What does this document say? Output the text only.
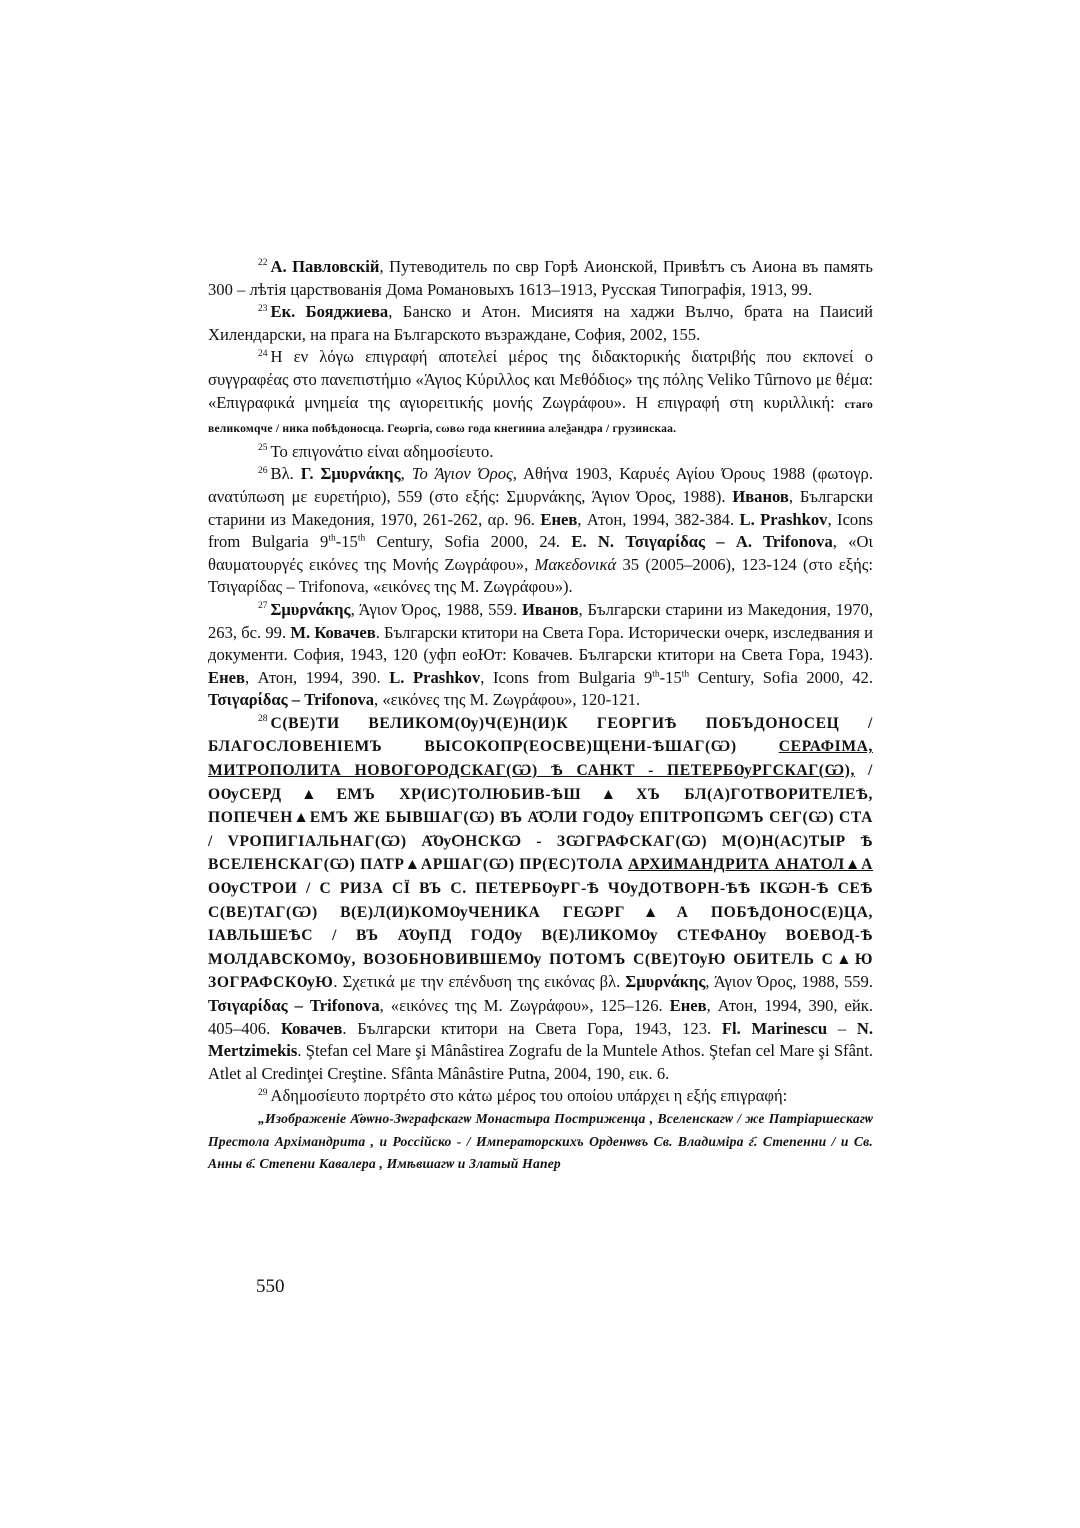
$^{22}$ А. Павловскiй, Путеводитель по свр Горѣ Аионской, Привѣтъ съ Аиона въ память 300 – лѣтiя царствованiя Дома Романовыхъ 1613–1913, Русская Типографiя, 1913, 99.

$^{23}$ Ек. Бояджиева, Банско и Атон. Мисиятя на хаджи Вълчо, брата на Паисий Хилендарски, на прага на Българското възраждане, София, 2002, 155.

$^{24}$ Η εν λόγω επιγραφή αποτελεί μέρος της διδακτορικής διατριβής που εκπονεί ο συγγραφέας στο πανεπιστήμιο «Άγιος Κύριλλος και Μεθόδιος» της πόλης Veliko Tûrnovo με θέμα: «Επιγραφικά μνημεία της αγιορειτικής μονής Ζωγράφου». Η επιγραφή στη κυριλλική: стаго великомqче / ника побѣдоносца. Геωргiа, сωвω года кнегиниа алеѯандра / грузинскаа.

$^{25}$ Το επιγονάτιο είναι αδημοσίευτο.

$^{26}$ Βλ. Γ. Σμυρνάκης, Το Άγιον Όρος, Αθήνα 1903, Καρυές Αγίου Όρους 1988 (φωτογρ. ανατύπωση με ευρετήριο), 559 (στο εξής: Σμυρνάκης, Άγιον Όρος, 1988). Иванов, Български старини из Македония, 1970, 261-262, αρ. 96. Енев, Атон, 1994, 382-384. L. Prashkov, Icons from Bulgaria 9th-15th Century, Sofia 2000, 24. E. N. Τσιγαρίδας – A. Trifonova, «Οι θαυματουργές εικόνες της Μονής Ζωγράφου», Μακεδονικά 35 (2005–2006), 123-124 (στο εξής: Τσιγαρίδας – Trifonova, «εικόνες της Μ. Ζωγράφου»).

$^{27}$ Σμυρνάκης, Άγιον Όρος, 1988, 559. Иванов, Български старини из Македония, 1970, 263, бс. 99. М. Ковачев. Български ктитори на Света Гора. Исторически очерк, изследвания и документи. София, 1943, 120 (уфп еоЮт: Ковачев. Български ктитори на Света Гора, 1943). Енев, Атон, 1994, 390. L. Prashkov, Icons from Bulgaria 9th-15th Century, Sofia 2000, 42. Τσιγαρίδας – Trifonova, «εικόνες της Μ. Ζωγράφου», 120-121.

$^{28}$ С(ВЕ)ТИ ВЕЛИКОМ(Ѹ)Ч(Е)Н(И)К ГЕОРГИѢ ПОБЪДОНОСЕЦ / БЛАГОСЛОВЕНIЕМЪ ВЫСОКОПР(ЕОСВЕ)ЩЕНИ-ѢШАГ(Ѡ) СЕРАФIМА, МИТРОПОЛИТА НОВОГОРОДСКАГ(Ѡ) Ѣ САНКТ - ПЕТЕРБѸРГСКАГ(Ѡ), / ОѸСЕРД▲ЕМЪ ХР(ИС)ТОЛЮБИВ-ѢШ▲ХЪ БЛ(А)ГОТВОРИТЕЛЕѢ, ПОПЕЧЕН▲ЕМЪ ЖЕ БЫВШАГ(Ѡ) ВЪ А҃ѺЛИ ГОДѸ ЕПIТРОПѠМЪ СЕГ(Ѡ) СТА / VРОПИГIАЛЬНАГ(Ѡ) А҃ѸѺНСКѠ - ЗѠГРАФСКАГ(Ѡ) М(О)Н(АС)ТЫР Ѣ ВСЕЛЕНСКАГ(Ѡ) ПАТР▲АРШАГ(Ѡ) ПР(ЕС)ТОЛА АРХИМАНДРИТА АНАТОЛ▲А ОѸСТРОИ / С РИЗА СЇ ВЪ С. ПЕТЕРБѸРГ-Ѣ ЧѸДОТВОРН-ѢѢ IКѠН-Ѣ СЕѢ С(ВЕ)ТАГ(Ѡ) В(Е)Л(И)КОМѸЧЕНИКА ГЕѠРГ▲А ПОБѢДОНОС(Е)ЦА, IАВЛЬШЕѢС / ВЪ А҃ѸПД ГОДѸ В(Е)ЛИКОМѸ СТЕФАНѸ ВОЕВОД-Ѣ МОЛДАВСКОМѸ, ВОЗОБНОВИВШЕМѸ ПОТОМЪ С(ВЕ)ТѸЮ ОБИТЕЛЬ С▲Ю ЗОГРАФСКѸЮ. Σχετικά με την επένδυση της εικόνας βλ. Σμυρνάκης, Άγιον Όρος, 1988, 559. Τσιγαρίδας – Trifonova, «εικόνες της Μ. Ζωγράφου», 125–126. Енев, Атон, 1994, 390, ейк. 405–406. Ковачев. Български ктитори на Света Гора, 1943, 123. Fl. Marinescu – N. Mertzimekis. Ştefan cel Mare şi Mânâstirea Zografu de la Muntele Athos. Ştefan cel Mare şi Sfânt. Atlet al Credinţei Creştine. Sfânta Mânâstire Putna, 2004, 190, εικ. 6.

$^{29}$ Αδημοσίευτο πορτρέτο στο κάτω μέρος του οποίου υπάρχει η εξής επιγραφή:
„Изображенiе А҃ѳѡно-Зѡграфскагѡ Монастыра Постриженца , Вселенскагѡ / же Патрiаршескагѡ Престола Архiмандрита , и Россiйско - / Императорскихъ Орденѡвъ Св. Владимiра г҃. Степенни / и Св. Анны в҃. Степени Кавалера , Имѣвшагѡ и Златый Напер

550
